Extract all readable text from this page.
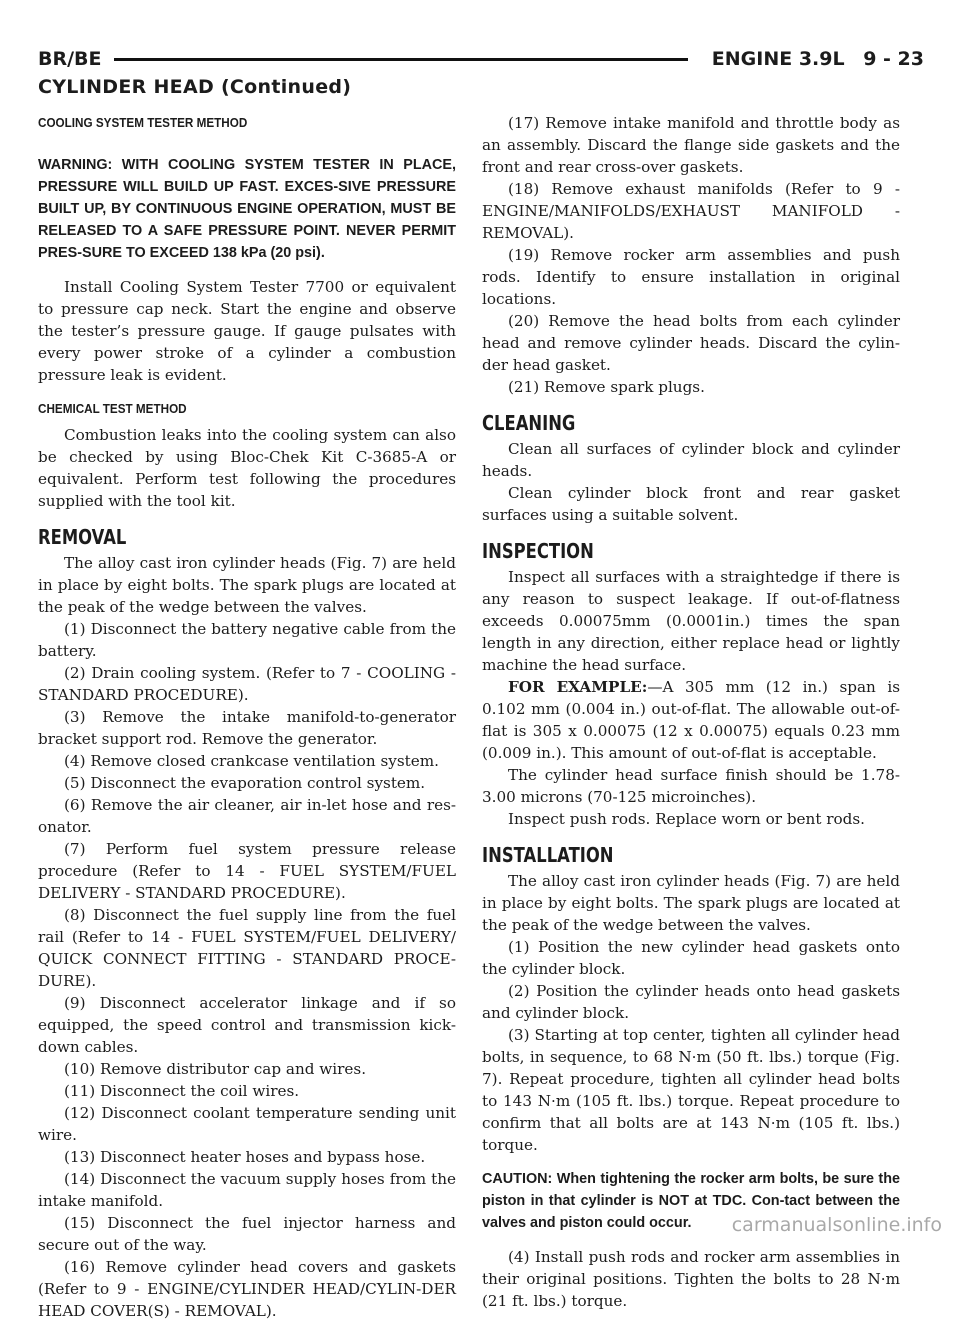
BR/BE	ENGINE 3.9L 9 - 23
CYLINDER HEAD (Continued)
COOLING SYSTEM TESTER METHOD
WARNING: WITH COOLING SYSTEM TESTER IN PLACE, PRESSURE WILL BUILD UP FAST. EXCES-SIVE PRESSURE BUILT UP, BY CONTINUOUS ENGINE OPERATION, MUST BE RELEASED TO A SAFE PRESSURE POINT. NEVER PERMIT PRES-SURE TO EXCEED 138 kPa (20 psi).

Install Cooling System Tester 7700 or equivalent to pressure cap neck. Start the engine and observe the tester’s pressure gauge. If gauge pulsates with every power stroke of a cylinder a combustion pressure leak is evident.

CHEMICAL TEST METHOD

Combustion leaks into the cooling system can also be checked by using Bloc-Chek Kit C-3685-A or equivalent. Perform test following the procedures supplied with the tool kit.

REMOVAL

The alloy cast iron cylinder heads (Fig. 7) are held in place by eight bolts. The spark plugs are located at the peak of the wedge between the valves.

(1) Disconnect the battery negative cable from the battery.

(2) Drain cooling system. (Refer to 7 - COOLING - STANDARD PROCEDURE).

(3) Remove the intake manifold-to-generator bracket support rod. Remove the generator.

(4) Remove closed crankcase ventilation system.

(5) Disconnect the evaporation control system.

(6) Remove the air cleaner, air in-let hose and res-onator.

(7) Perform fuel system pressure release procedure (Refer to 14 - FUEL SYSTEM/FUEL DELIVERY - STANDARD PROCEDURE).

(8) Disconnect the fuel supply line from the fuel rail (Refer to 14 - FUEL SYSTEM/FUEL DELIVERY/ QUICK CONNECT FITTING - STANDARD PROCE-DURE).

(9) Disconnect accelerator linkage and if so equipped, the speed control and transmission kick-down cables.

(10) Remove distributor cap and wires.

(11) Disconnect the coil wires.

(12) Disconnect coolant temperature sending unit wire.

(13) Disconnect heater hoses and bypass hose.

(14) Disconnect the vacuum supply hoses from the intake manifold.

(15) Disconnect the fuel injector harness and secure out of the way.

(16) Remove cylinder head covers and gaskets (Refer to 9 - ENGINE/CYLINDER HEAD/CYLIN-DER HEAD COVER(S) - REMOVAL).

(17) Remove intake manifold and throttle body as an assembly. Discard the flange side gaskets and the front and rear cross-over gaskets.

(18) Remove exhaust manifolds (Refer to 9 - ENGINE/MANIFOLDS/EXHAUST MANIFOLD - REMOVAL).

(19) Remove rocker arm assemblies and push rods. Identify to ensure installation in original locations.

(20) Remove the head bolts from each cylinder head and remove cylinder heads. Discard the cylin-der head gasket.

(21) Remove spark plugs.

CLEANING

Clean all surfaces of cylinder block and cylinder heads.

Clean cylinder block front and rear gasket surfaces using a suitable solvent.

INSPECTION

Inspect all surfaces with a straightedge if there is any reason to suspect leakage. If out-of-flatness exceeds 0.00075mm (0.0001in.) times the span length in any direction, either replace head or lightly machine the head surface.

FOR EXAMPLE:—A 305 mm (12 in.) span is 0.102 mm (0.004 in.) out-of-flat. The allowable out-of-flat is 305 x 0.00075 (12 x 0.00075) equals 0.23 mm (0.009 in.). This amount of out-of-flat is acceptable.

The cylinder head surface finish should be 1.78-3.00 microns (70-125 microinches).

Inspect push rods. Replace worn or bent rods.

INSTALLATION

The alloy cast iron cylinder heads (Fig. 7) are held in place by eight bolts. The spark plugs are located at the peak of the wedge between the valves.

(1) Position the new cylinder head gaskets onto the cylinder block.

(2) Position the cylinder heads onto head gaskets and cylinder block.

(3) Starting at top center, tighten all cylinder head bolts, in sequence, to 68 N·m (50 ft. lbs.) torque (Fig. 7). Repeat procedure, tighten all cylinder head bolts to 143 N·m (105 ft. lbs.) torque. Repeat procedure to confirm that all bolts are at 143 N·m (105 ft. lbs.) torque.

CAUTION: When tightening the rocker arm bolts, be sure the piston in that cylinder is NOT at TDC. Con-tact between the valves and piston could occur.

(4) Install push rods and rocker arm assemblies in their original positions. Tighten the bolts to 28 N·m (21 ft. lbs.) torque.

carmanualsonline.info
